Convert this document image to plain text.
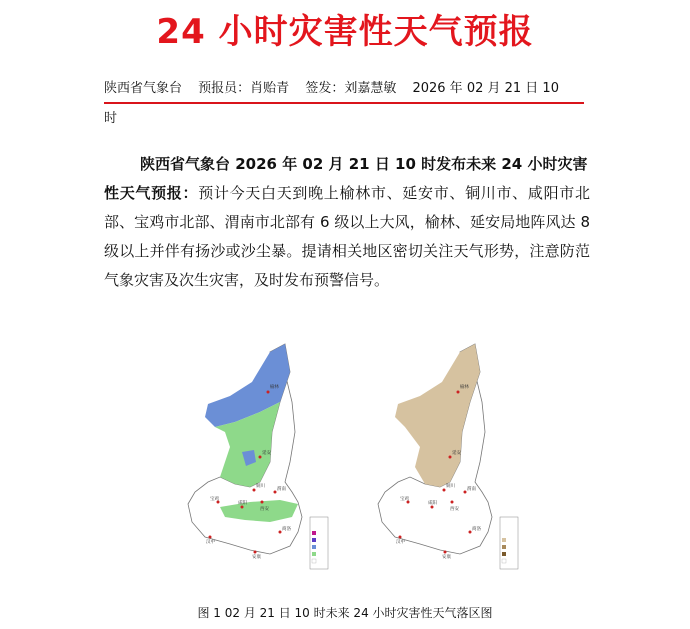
24 小时灾害性天气预报
陕西省气象台 预报员：肖贻青 签发：刘嘉慧敏 2026 年 02 月 21 日 10
时
陕西省气象台 2026 年 02 月 21 日 10 时发布未来 24 小时灾害
性天气预报：预计今天白天到晚上榆林市、延安市、铜川市、咸阳市北部、宝鸡市北部、渭南市北部有 6 级以上大风，榆林、延安局地阵风达 8 级以上并伴有扬沙或沙尘暴。提请相关地区密切关注天气形势，注意防范气象灾害及次生灾害，及时发布预警信号。
榆林
延安
铜川
咸阳
西安
渭南
宝鸡
汉中
安康
商洛
榆林
延安
铜川
咸阳
西安
渭南
宝鸡
汉中
安康
商洛
图 1 02 月 21 日 10 时未来 24 小时灾害性天气落区图
